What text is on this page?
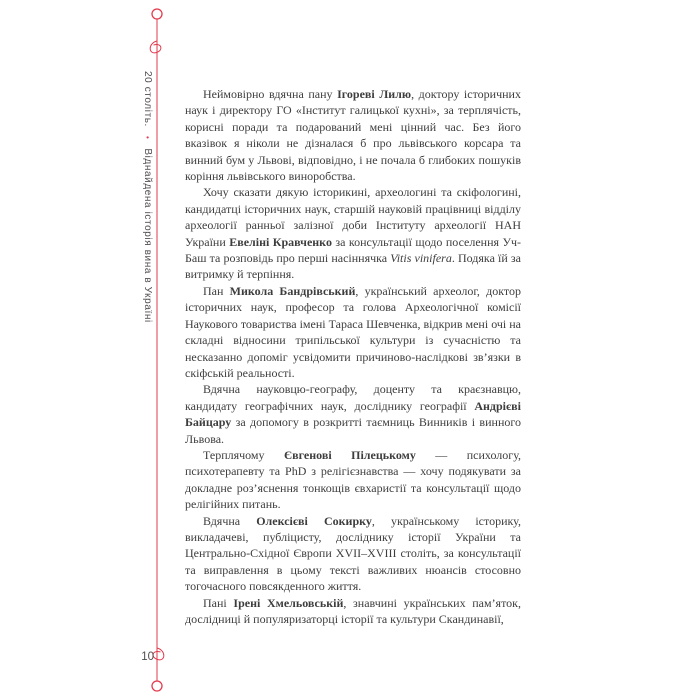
20 століть.•Віднайдена історія вина в Україні
10

Неймовірно вдячна пану Ігореві Лилю, доктору історичних наук і директору ГО «Інститут галицької кухні», за терплячість, корисні поради та подарований мені цінний час. Без його вказівок я ніколи не дізналася б про львівського корсара та винний бум у Львові, відповідно, і не почала б глибоких пошуків коріння львівського виноробства.

Хочу сказати дякую історикині, археологині та скіфологині, кандидатці історичних наук, старшій науковій працівниці відділу археології ранньої залізної доби Інституту археології НАН України Евеліні Кравченко за консультації щодо поселення Уч-Баш та розповідь про перші насіннячка Vitis vinifera. Подяка їй за витримку й терпіння.

Пан Микола Бандрівський, український археолог, доктор історичних наук, професор та голова Археологічної комісії Наукового товариства імені Тараса Шевченка, відкрив мені очі на складні відносини трипільської культури із сучасністю та несказанно допоміг усвідомити причиново-наслідкові зв’язки в скіфській реальності.

Вдячна науковцю-географу, доценту та краєзнавцю, кандидату географічних наук, досліднику географії Андрієві Байцару за допомогу в розкритті таємниць Винників і винного Львова.

Терплячому Євгенові Пілецькому — психологу, психотерапевту та PhD з релігієзнавства — хочу подякувати за докладне роз’яснення тонкощів євхаристії та консультації щодо релігійних питань.

Вдячна Олексієві Сокирку, українському історику, викладачеві, публіцисту, досліднику історії України та Центрально-Східної Європи XVII–XVIII століть, за консультації та виправлення в цьому тексті важливих нюансів стосовно тогочасного повсякденного життя.

Пані Ірені Хмельовській, знавчині українських пам’яток, дослідниці й популяризаторці історії та культури Скандинавії,
